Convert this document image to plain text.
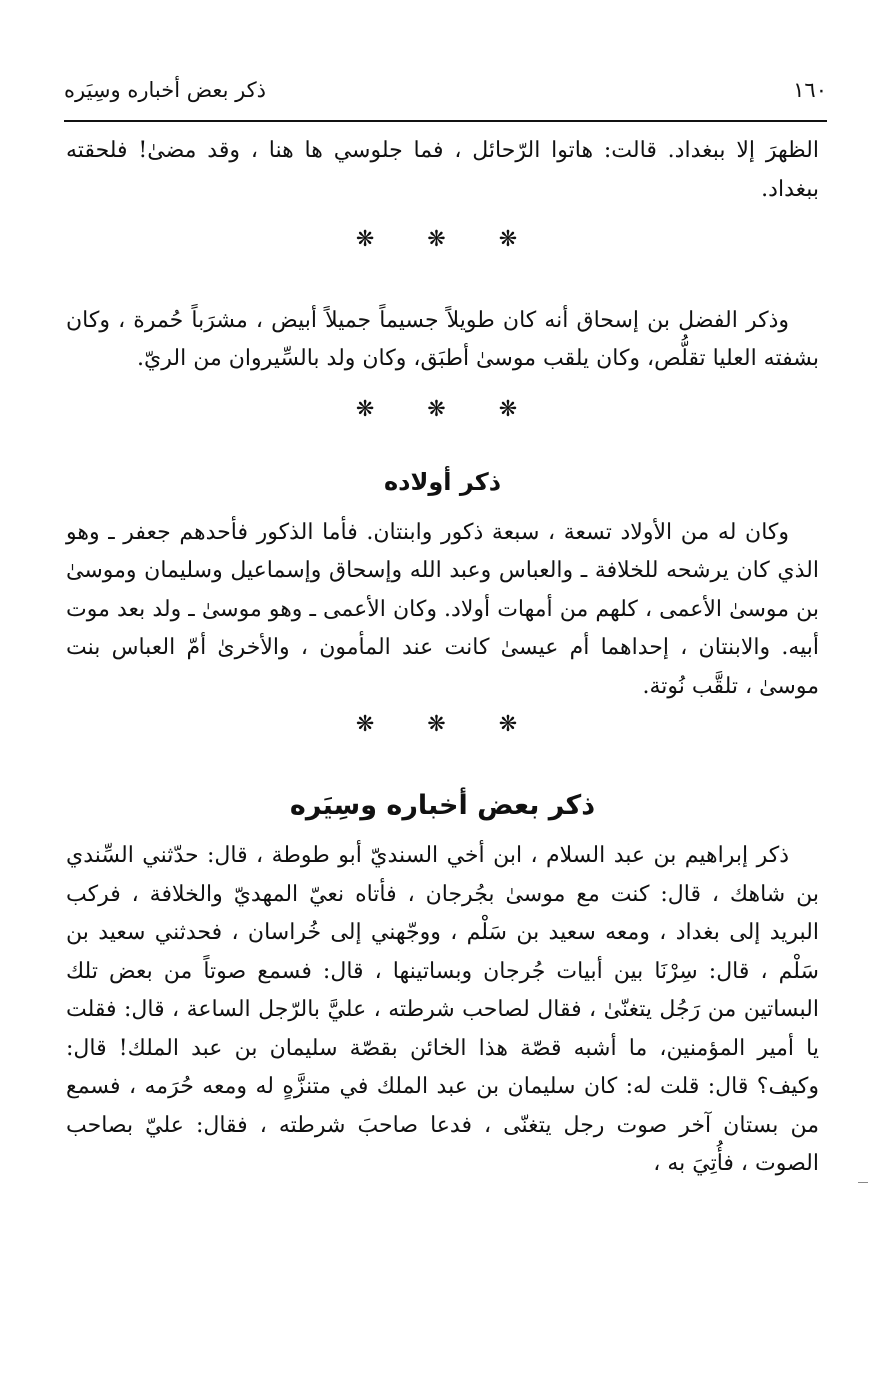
١٦٠
ذكر بعض أخباره وسِيَره

الظهرَ إلا ببغداد. قالت: هاتوا الرّحائل ، فما جلوسي ها هنا ، وقد مضىٰ! فلحقته ببغداد.

❋ ❋ ❋

وذكر الفضل بن إسحاق أنه كان طويلاً جسيماً جميلاً أبيض ، مشرَباً حُمرة ، وكان بشفته العليا تقلُّص، وكان يلقب موسىٰ أطبَق، وكان ولد بالسِّيروان من الريّ.

❋ ❋ ❋
ذكر أولاده

وكان له من الأولاد تسعة ، سبعة ذكور وابنتان. فأما الذكور فأحدهم جعفر ـ وهو الذي كان يرشحه للخلافة ـ والعباس وعبد الله وإسحاق وإسماعيل وسليمان وموسىٰ بن موسىٰ الأعمى ، كلهم من أمهات أولاد. وكان الأعمى ـ وهو موسىٰ ـ ولد بعد موت أبيه. والابنتان ، إحداهما أم عيسىٰ كانت عند المأمون ، والأخرىٰ أمّ العباس بنت موسىٰ ، تلقَّب نُوتة.

❋ ❋ ❋
ذكر بعض أخباره وسِيَره

ذكر إبراهيم بن عبد السلام ، ابن أخي السنديّ أبو طوطة ، قال: حدّثني السِّندي بن شاهك ، قال: كنت مع موسىٰ بجُرجان ، فأتاه نعيّ المهديّ والخلافة ، فركب البريد إلى بغداد ، ومعه سعيد بن سَلْم ، ووجّهني إلى خُراسان ، فحدثني سعيد بن سَلْم ، قال: سِرْنَا بين أبيات جُرجان وبساتينها ، قال: فسمع صوتاً من بعض تلك البساتين من رَجُل يتغنّىٰ ، فقال لصاحب شرطته ، عليَّ بالرّجل الساعة ، قال: فقلت يا أمير المؤمنين، ما أشبه قصّة هذا الخائن بقصّة سليمان بن عبد الملك! قال: وكيف؟ قال: قلت له: كان سليمان بن عبد الملك في متنزَّهٍ له ومعه حُرَمه ، فسمع من بستان آخر صوت رجل يتغنّى ، فدعا صاحبَ شرطته ، فقال: عليّ بصاحب الصوت ، فأُتِيَ به ،
